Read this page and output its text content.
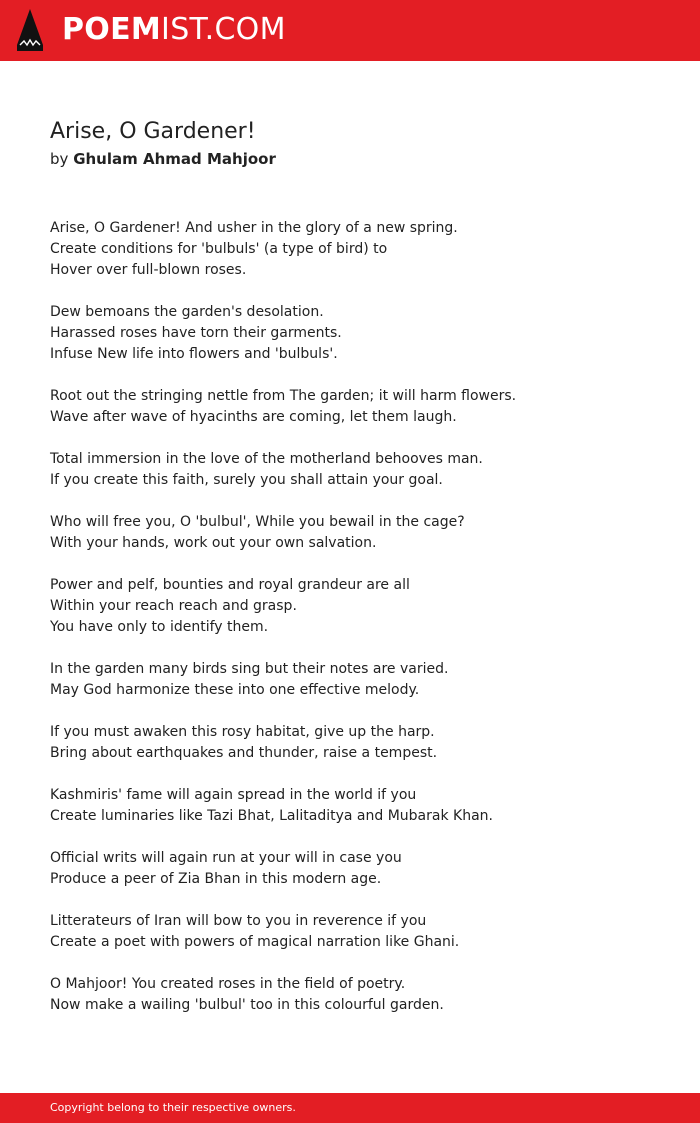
POEMIST.COM
Arise, O Gardener!
by Ghulam Ahmad Mahjoor
Arise, O Gardener! And usher in the glory of a new spring.
Create conditions for 'bulbuls' (a type of bird) to
Hover over full-blown roses.
Dew bemoans the garden's desolation.
Harassed roses have torn their garments.
Infuse New life into flowers and 'bulbuls'.
Root out the stringing nettle from The garden; it will harm flowers.
Wave after wave of hyacinths are coming, let them laugh.
Total immersion in the love of the motherland behooves man.
If you create this faith, surely you shall attain your goal.
Who will free you, O 'bulbul', While you bewail in the cage?
With your hands, work out your own salvation.
Power and pelf, bounties and royal grandeur are all
Within your reach reach and grasp.
You have only to identify them.
In the garden many birds sing but their notes are varied.
May God harmonize these into one effective melody.
If you must awaken this rosy habitat, give up the harp.
Bring about earthquakes and thunder, raise a tempest.
Kashmiris' fame will again spread in the world if you
Create luminaries like Tazi Bhat, Lalitaditya and Mubarak Khan.
Official writs will again run at your will in case you
Produce a peer of Zia Bhan in this modern age.
Litterateurs of Iran will bow to you in reverence if you
Create a poet with powers of magical narration like Ghani.
O Mahjoor! You created roses in the field of poetry.
Now make a wailing 'bulbul' too in this colourful garden.
Copyright belong to their respective owners.
